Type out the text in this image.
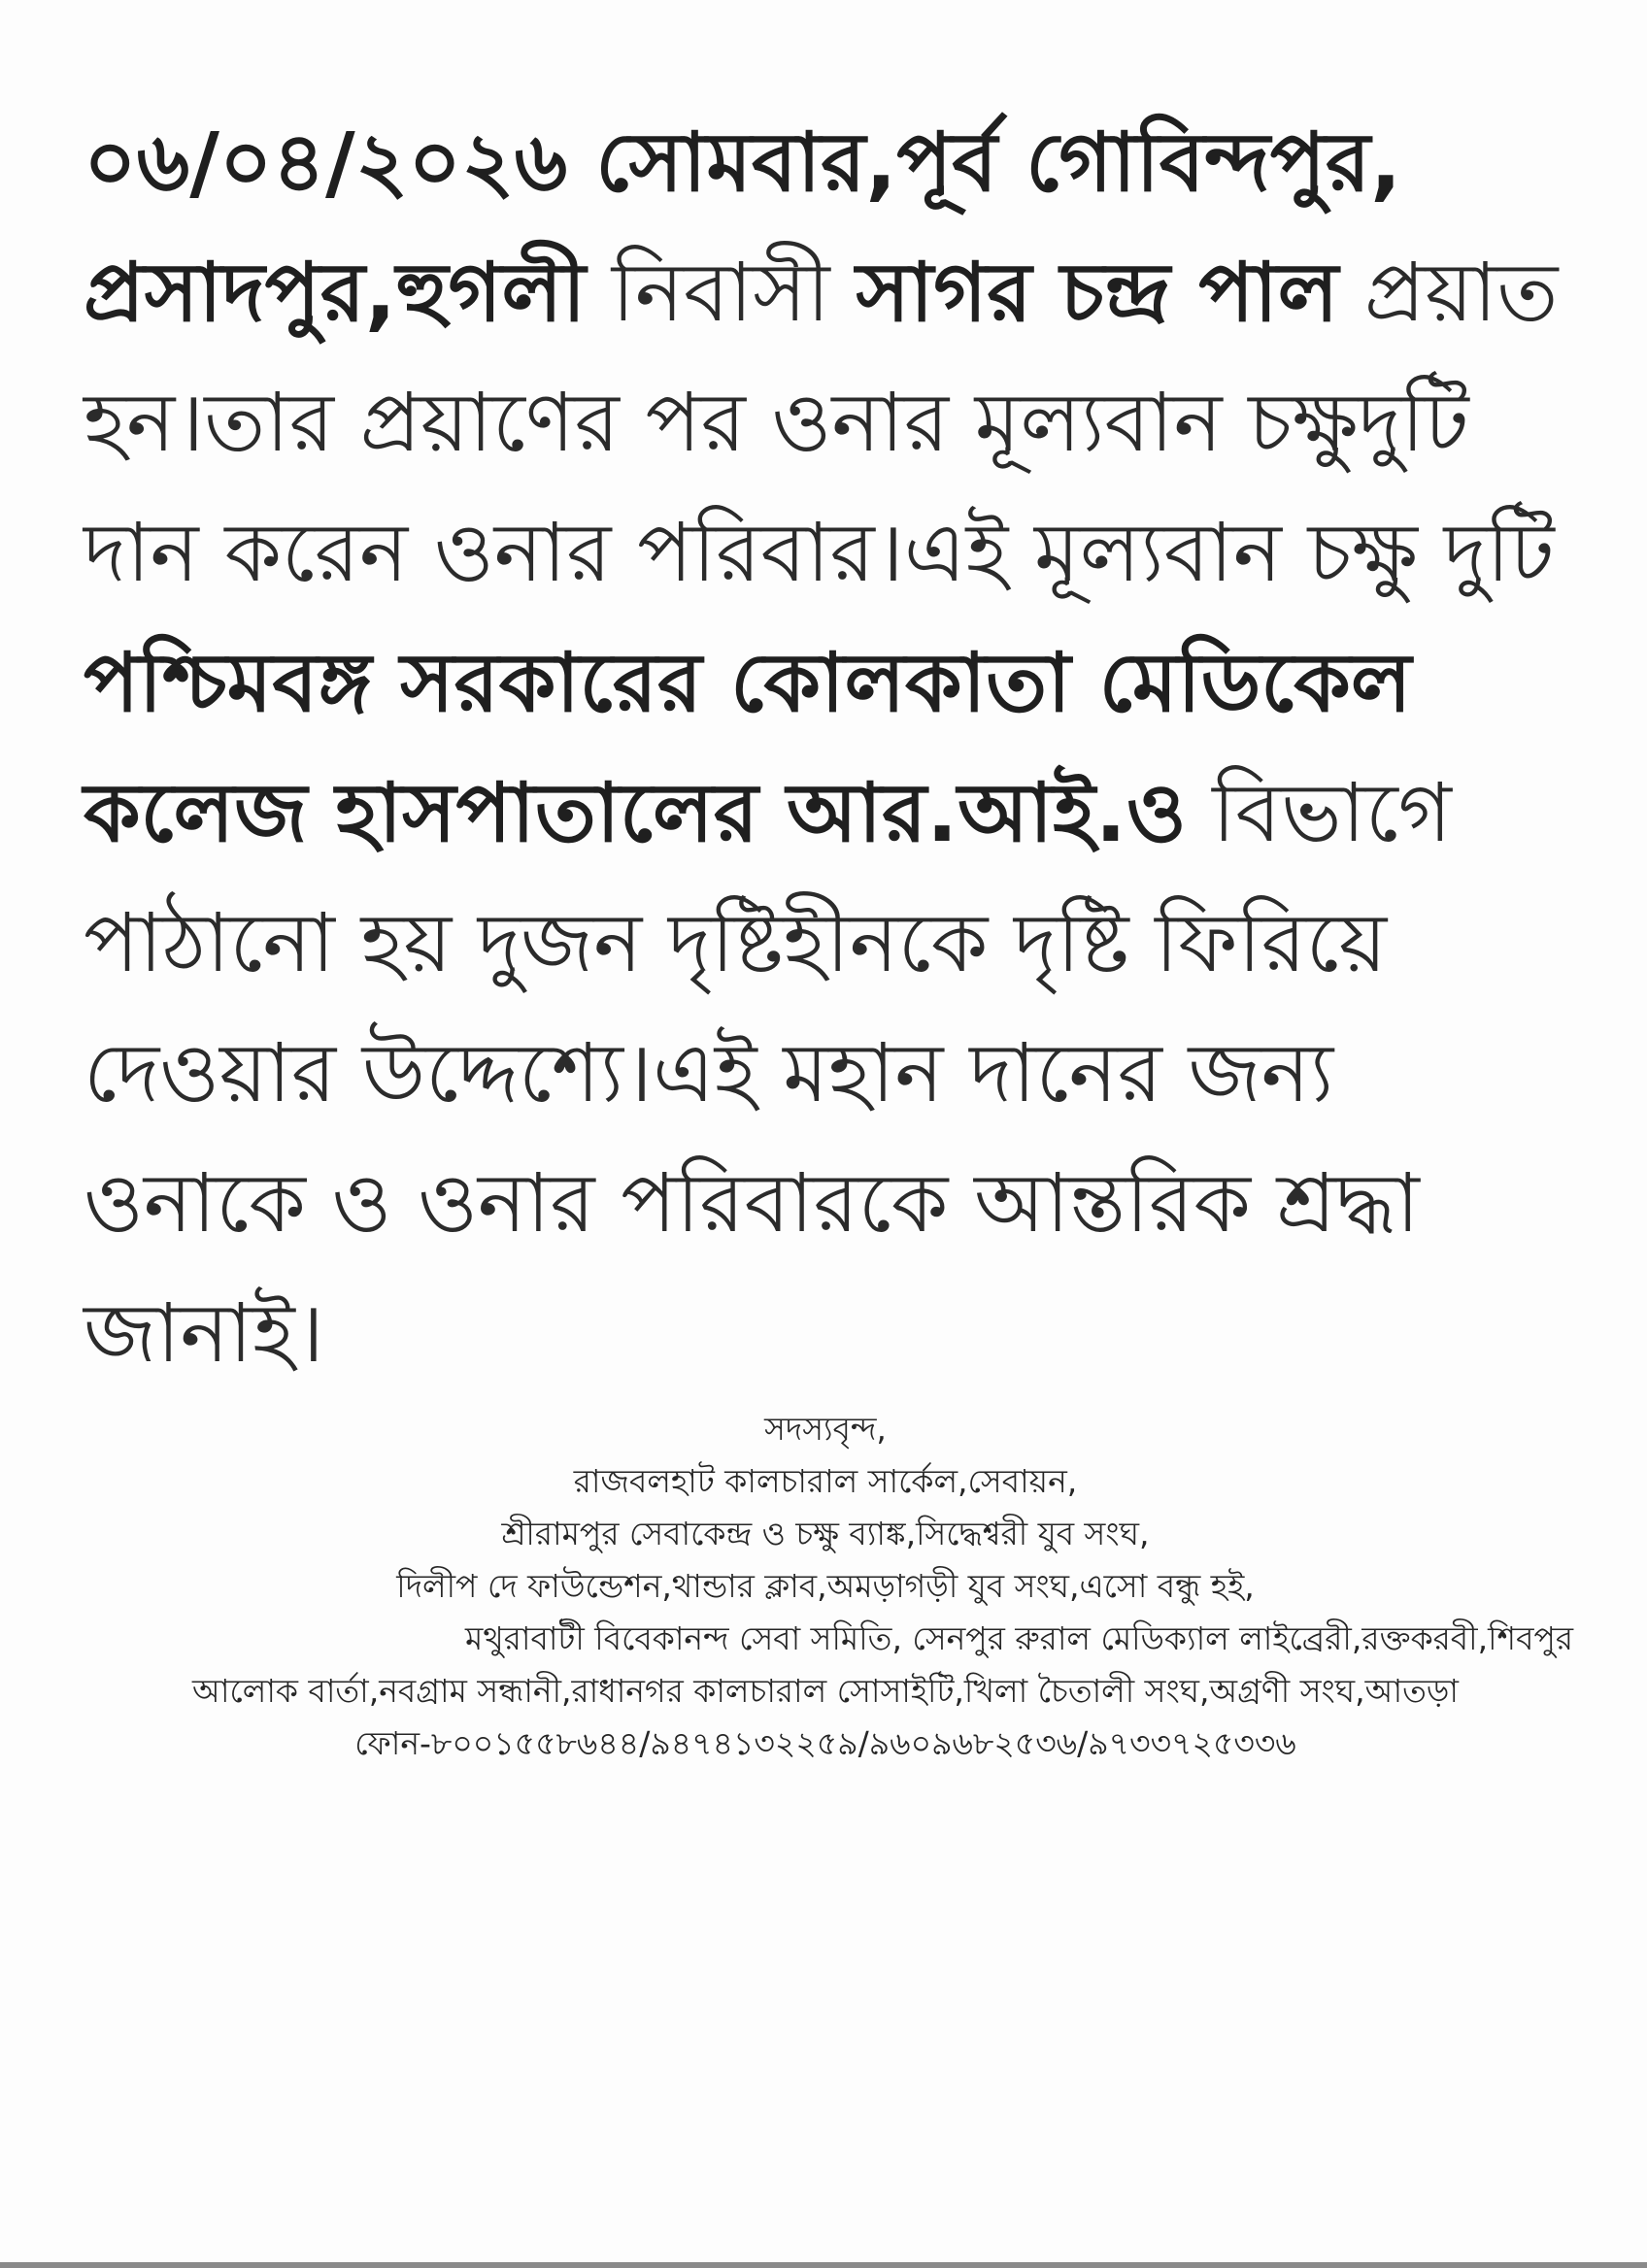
০৬/০৪/২০২৬ সোমবার,পূর্ব গোবিন্দপুর, প্রসাদপুর,হুগলী নিবাসী সাগর চন্দ্র পাল প্রয়াত হন।তার প্রয়াণের পর ওনার মূল্যবান চক্ষুদুটি দান করেন ওনার পরিবার।এই মূল্যবান চক্ষু দুটি পশ্চিমবঙ্গ সরকারের কোলকাতা মেডিকেল কলেজ হাসপাতালের আর.আই.ও বিভাগে পাঠানো হয় দুজন দৃষ্টিহীনকে দৃষ্টি ফিরিয়ে দেওয়ার উদ্দেশ্যে।এই মহান দানের জন্য ওনাকে ও ওনার পরিবারকে আন্তরিক শ্রদ্ধা জানাই।
সদস্যবৃন্দ,
রাজবলহাট কালচারাল সার্কেল,সেবায়ন,
শ্রীরামপুর সেবাকেন্দ্র ও চক্ষু ব্যাঙ্ক,সিদ্ধেশ্বরী যুব সংঘ,
দিলীপ দে ফাউন্ডেশন,থান্ডার ক্লাব,অমড়াগড়ী যুব সংঘ,এসো বন্ধু হই,
মথুরাবাটী বিবেকানন্দ সেবা সমিতি, সেনপুর রুরাল মেডিক্যাল লাইব্রেরী,রক্তকরবী,শিবপুর
আলোক বার্তা,নবগ্রাম সন্ধানী,রাধানগর কালচারাল সোসাইটি,খিলা চৈতালী সংঘ,অগ্রণী সংঘ,আতড়া
ফোন-৮০০১৫৫৮৬৪৪/৯৪৭৪১৩২২৫৯/৯৬০৯৬৮২৫৩৬/৯৭৩৩৭২৫৩৩৬
